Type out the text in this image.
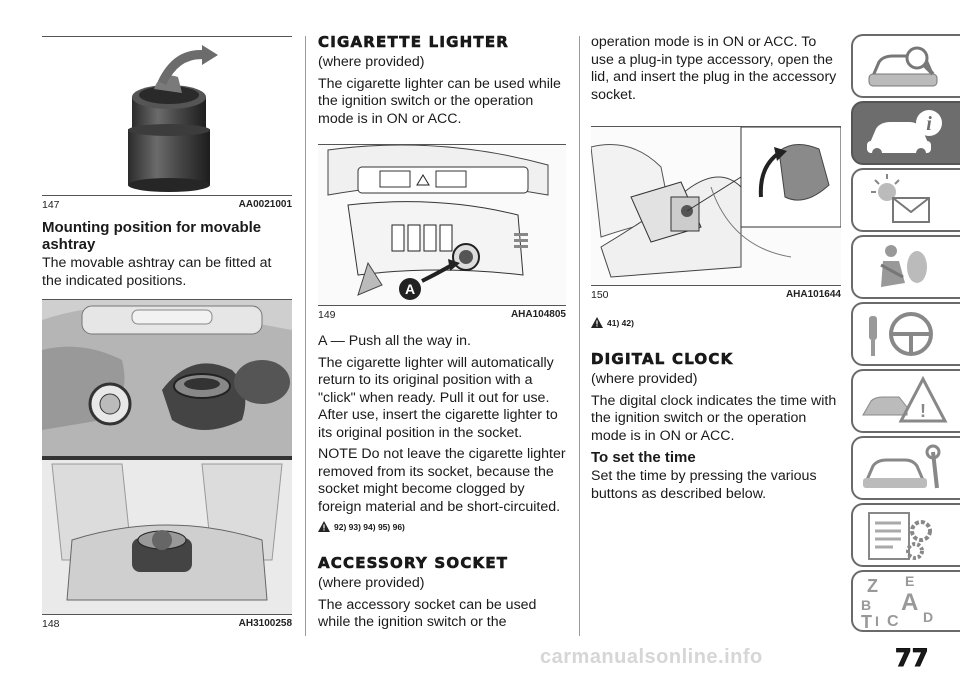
147	AA0021001
Mounting position for movable ashtray

The movable ashtray can be fitted at the indicated positions.

148	AH3100258
CIGARETTE LIGHTER

(where provided)

The cigarette lighter can be used while the ignition switch or the operation mode is in ON or ACC.

A
149	AHA104805

A — Push all the way in.

The cigarette lighter will automatically return to its original position with a "click" when ready. Pull it out for use. After use, insert the cigarette lighter to its original position in the socket.

NOTE Do not leave the cigarette lighter removed from its socket, because the socket might become clogged by foreign material and be short-circuited.

92) 93) 94) 95) 96)
ACCESSORY SOCKET

(where provided)

The accessory socket can be used while the ignition switch or the

operation mode is in ON or ACC. To use a plug-in type accessory, open the lid, and insert the plug in the accessory socket.

150	AHA101644
41) 42)
DIGITAL CLOCK

(where provided)

The digital clock indicates the time with the ignition switch or the operation mode is in ON or ACC.

To set the time

Set the time by pressing the various buttons as described below.

i
!
Z E
B A
I C
T	D
carmanualsonline.info	77
